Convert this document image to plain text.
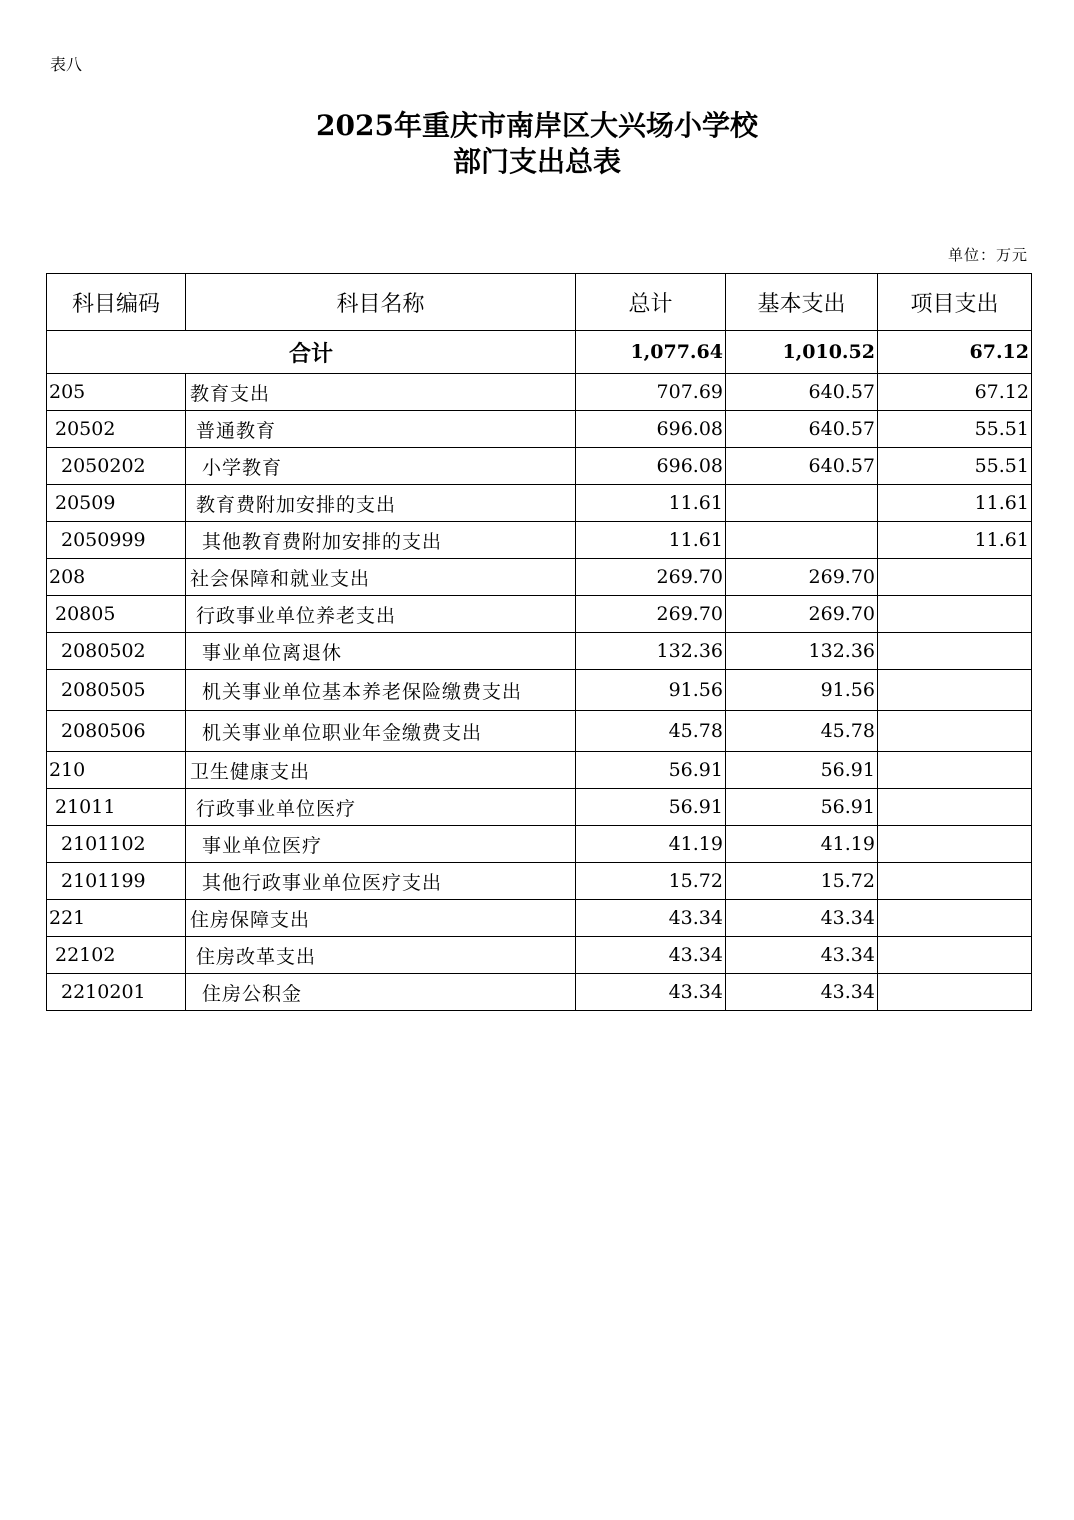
表八
2025年重庆市南岸区大兴场小学校
部门支出总表
单位：万元
科目编码	科目名称	总计	基本支出	项目支出
合计		1,077.64	1,010.52	67.12
205	教育支出	707.69	640.57	67.12
20502	普通教育	696.08	640.57	55.51
2050202	小学教育	696.08	640.57	55.51
20509	教育费附加安排的支出	11.61		11.61
2050999	其他教育费附加安排的支出	11.61		11.61
208	社会保障和就业支出	269.70	269.70	
20805	行政事业单位养老支出	269.70	269.70	
2080502	事业单位离退休	132.36	132.36	
2080505	机关事业单位基本养老保险缴费支出	91.56	91.56	
2080506	机关事业单位职业年金缴费支出	45.78	45.78	
210	卫生健康支出	56.91	56.91	
21011	行政事业单位医疗	56.91	56.91	
2101102	事业单位医疗	41.19	41.19	
2101199	其他行政事业单位医疗支出	15.72	15.72	
221	住房保障支出	43.34	43.34	
22102	住房改革支出	43.34	43.34	
2210201	住房公积金	43.34	43.34	
